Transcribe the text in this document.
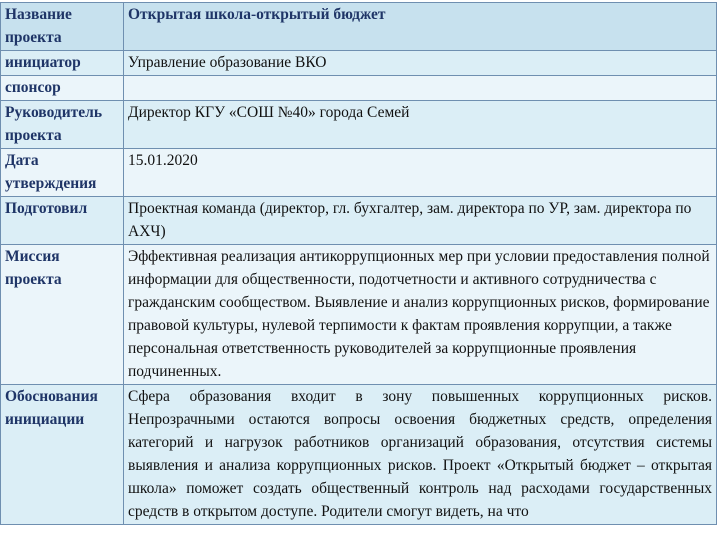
Название проекта	Открытая школа-открытый бюджет
инициатор	Управление образование ВКО
спонсор	
Руководитель проекта	Директор КГУ «СОШ №40» города Семей
Дата утверждения	15.01.2020
Подготовил	Проектная команда (директор, гл. бухгалтер, зам. директора по УР, зам. директора по АХЧ)
Миссия проекта	Эффективная реализация антикоррупционных мер при условии предоставления полной информации для общественности, подотчетности и активного сотрудничества с гражданским сообществом. Выявление и анализ коррупционных рисков, формирование правовой культуры, нулевой терпимости к фактам проявления коррупции, а также персональная ответственность руководителей за коррупционные проявления подчиненных.
Обоснования инициации	Сфера образования входит в зону повышенных коррупционных рисков. Непрозрачными остаются вопросы освоения бюджетных средств, определения категорий и нагрузок работников организаций образования, отсутствия системы выявления и анализа коррупционных рисков. Проект «Открытый бюджет – открытая школа» поможет создать общественный контроль над расходами государственных средств в открытом доступе. Родители смогут видеть, на что
